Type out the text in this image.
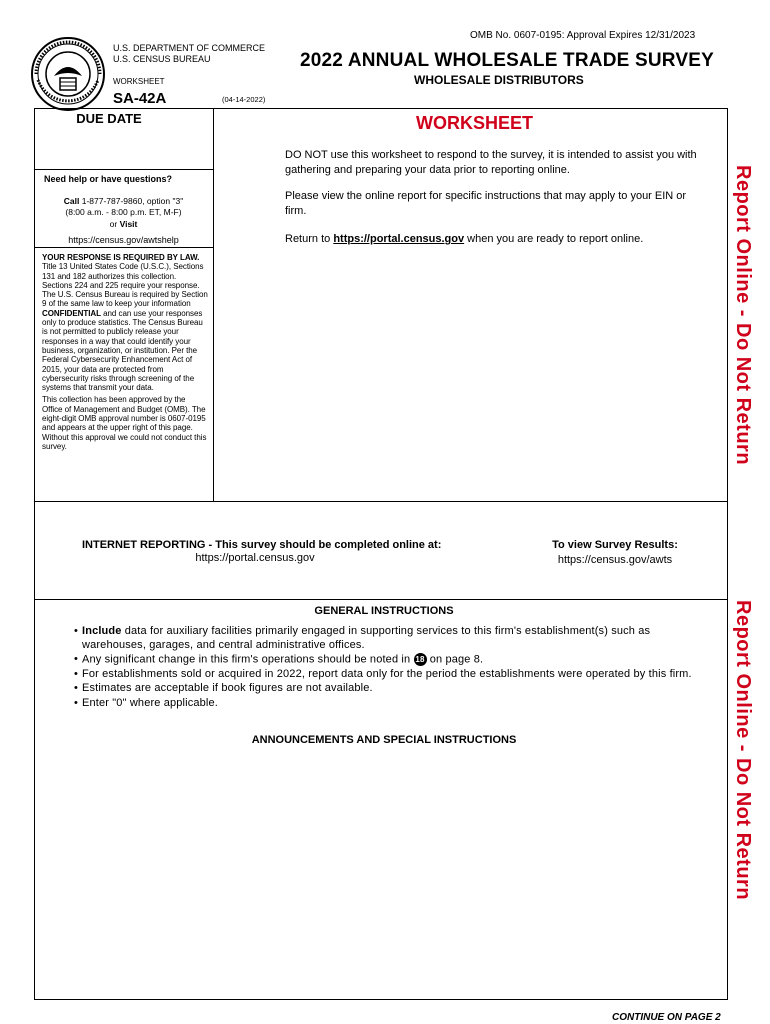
OMB No. 0607-0195: Approval Expires 12/31/2023
U.S. DEPARTMENT OF COMMERCE
U.S. CENSUS BUREAU	2022 ANNUAL WHOLESALE TRADE SURVEY
WHOLESALE DISTRIBUTORS
WORKSHEET
SA-42A	(04-14-2022)
DUE DATE
Need help or have questions?
Call 1-877-787-9860, option "3"
(8:00 a.m. - 8:00 p.m. ET, M-F)
or Visit
https://census.gov/awtshelp

YOUR RESPONSE IS REQUIRED BY LAW. Title 13 United States Code (U.S.C.), Sections 131 and 182 authorizes this collection. Sections 224 and 225 require your response. The U.S. Census Bureau is required by Section 9 of the same law to keep your information CONFIDENTIAL and can use your responses only to produce statistics. The Census Bureau is not permitted to publicly release your responses in a way that could identify your business, organization, or institution. Per the Federal Cybersecurity Enhancement Act of 2015, your data are protected from cybersecurity risks through screening of the systems that transmit your data.

This collection has been approved by the Office of Management and Budget (OMB). The eight-digit OMB approval number is 0607-0195 and appears at the upper right of this page. Without this approval we could not conduct this survey.

WORKSHEET
DO NOT use this worksheet to respond to the survey, it is intended to assist you with gathering and preparing your data prior to reporting online.
Please view the online report for specific instructions that may apply to your EIN or firm.
Return to https://portal.census.gov when you are ready to report online.	Report Online - Do Not Return
Report Online - Do Not Return
INTERNET REPORTING - This survey should be completed online at:
https://portal.census.gov
To view Survey Results:
https://census.gov/awts
GENERAL INSTRUCTIONS
• Include data for auxiliary facilities primarily engaged in supporting services to this firm's establishment(s) such as warehouses, garages, and central administrative offices.
• Any significant change in this firm's operations should be noted in 18 on page 8.
• For establishments sold or acquired in 2022, report data only for the period the establishments were operated by this firm.
• Estimates are acceptable if book figures are not available.
• Enter "0" where applicable.
ANNOUNCEMENTS AND SPECIAL INSTRUCTIONS
CONTINUE ON PAGE 2
